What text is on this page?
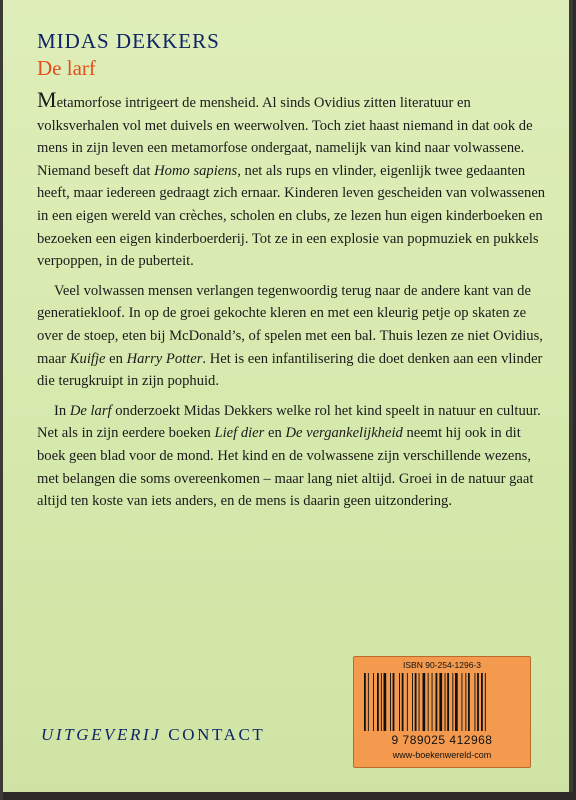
MIDAS DEKKERS
De larf

Metamorfose intrigeert de mensheid. Al sinds Ovidius zitten literatuur en volksverhalen vol met duivels en weerwolven. Toch ziet haast niemand in dat ook de mens in zijn leven een metamorfose ondergaat, namelijk van kind naar volwassene. Niemand beseft dat Homo sapiens, net als rups en vlinder, eigenlijk twee gedaanten heeft, maar iedereen gedraagt zich ernaar. Kinderen leven gescheiden van volwassenen in een eigen wereld van crèches, scholen en clubs, ze lezen hun eigen kinderboeken en bezoeken een eigen kinderboerderij. Tot ze in een explosie van popmuziek en pukkels verpoppen, in de puberteit.

Veel volwassen mensen verlangen tegenwoordig terug naar de andere kant van de generatiekloof. In op de groei gekochte kleren en met een kleurig petje op skaten ze over de stoep, eten bij McDonald’s, of spelen met een bal. Thuis lezen ze niet Ovidius, maar Kuifje en Harry Potter. Het is een infantilisering die doet denken aan een vlinder die terugkruipt in zijn pophuid.

In De larf onderzoekt Midas Dekkers welke rol het kind speelt in natuur en cultuur. Net als in zijn eerdere boeken Lief dier en De vergankelijkheid neemt hij ook in dit boek geen blad voor de mond. Het kind en de volwassene zijn verschillende wezens, met belangen die soms overeenkomen – maar lang niet altijd. Groei in de natuur gaat altijd ten koste van iets anders, en de mens is daarin geen uitzondering.

UITGEVERIJ CONTACT
ISBN 90-254-1296-3
9 789025 412968
www-boekenwereld-com
